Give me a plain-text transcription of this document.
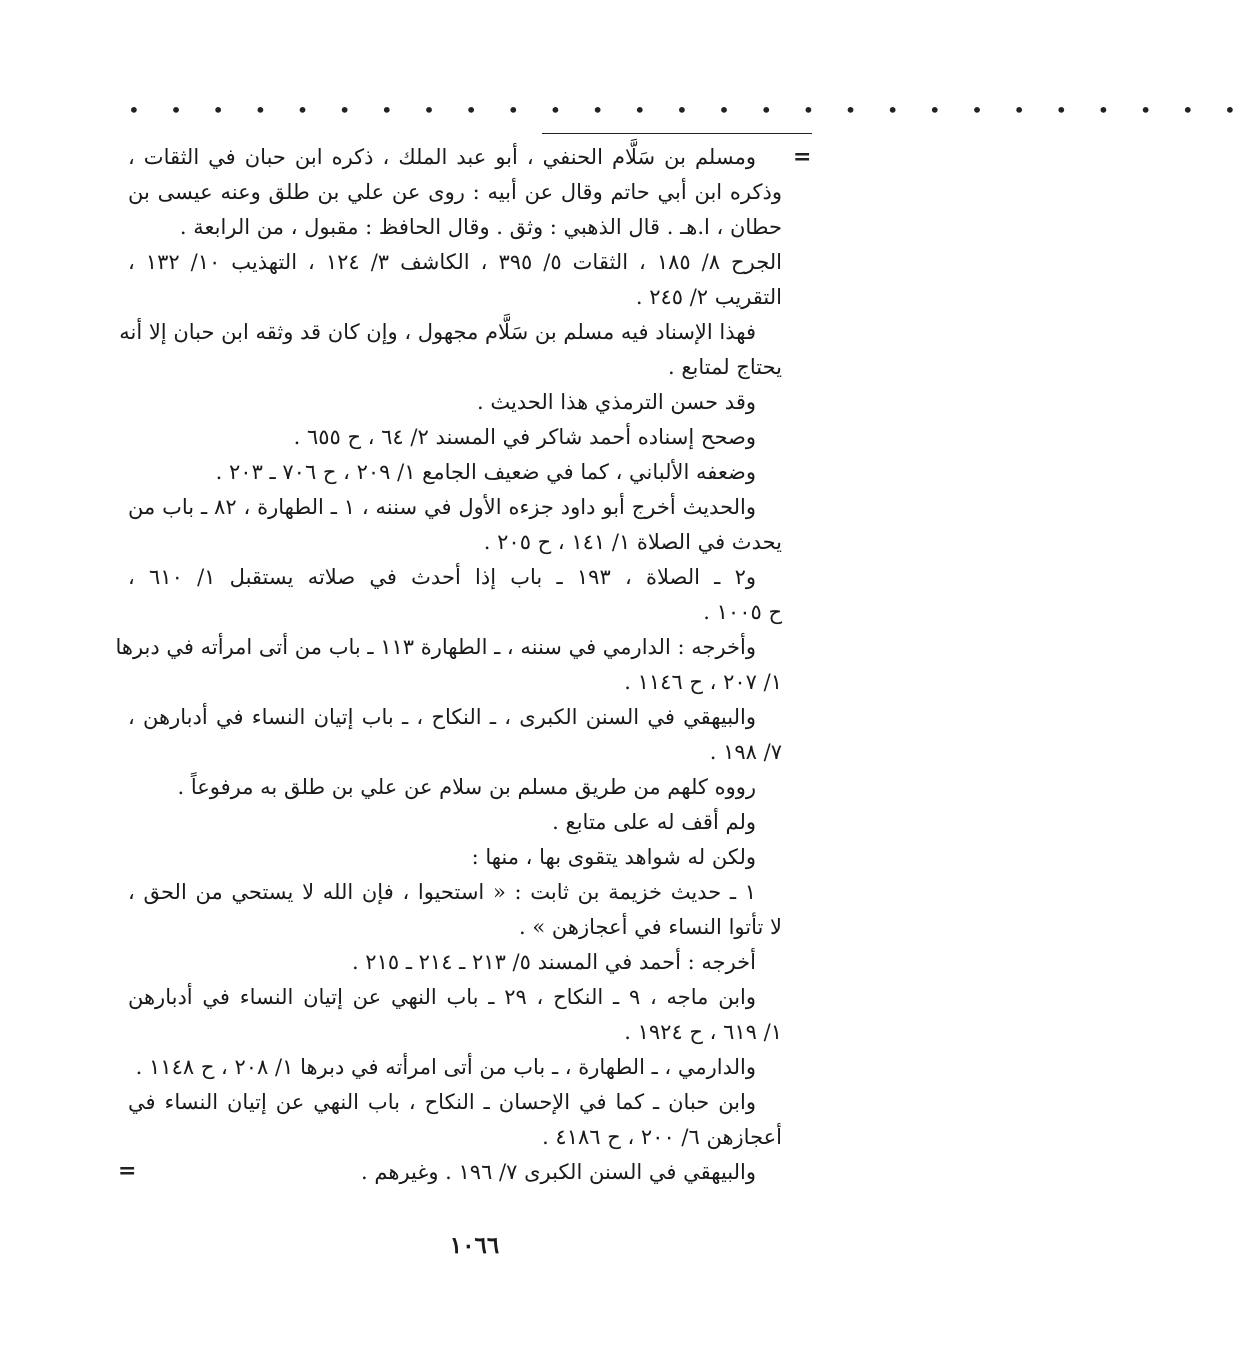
• • • • • • • • • • • • • • • • • • • • • • • • • • •
=
ومسلم بن سَلَّام الحنفي ، أبو عبد الملك ، ذكره ابن حبان في الثقات ،
وذكره ابن أبي حاتم وقال عن أبيه : روى عن علي بن طلق وعنه عيسى بن
حطان ، ا.هـ . قال الذهبي : وثق . وقال الحافظ : مقبول ، من الرابعة .
الجرح ٨/ ١٨٥ ، الثقات ٥/ ٣٩٥ ، الكاشف ٣/ ١٢٤ ، التهذيب ١٠/ ١٣٢ ،
التقريب ٢/ ٢٤٥ .
فهذا الإسناد فيه مسلم بن سَلَّام مجهول ، وإن كان قد وثقه ابن حبان إلا أنه
يحتاج لمتابع .
وقد حسن الترمذي هذا الحديث .
وصحح إسناده أحمد شاكر في المسند ٢/ ٦٤ ، ح ٦٥٥ .
وضعفه الألباني ، كما في ضعيف الجامع ١/ ٢٠٩ ، ح ٧٠٦ ـ ٢٠٣ .
والحديث أخرج أبو داود جزءه الأول في سننه ، ١ ـ الطهارة ، ٨٢ ـ باب من
يحدث في الصلاة ١/ ١٤١ ، ح ٢٠٥ .
و٢ ـ الصلاة ، ١٩٣ ـ باب إذا أحدث في صلاته يستقبل ١/ ٦١٠ ،
ح ١٠٠٥ .
وأخرجه : الدارمي في سننه ، ـ الطهارة ١١٣ ـ باب من أتى امرأته في دبرها
١/ ٢٠٧ ، ح ١١٤٦ .
والبيهقي في السنن الكبرى ، ـ النكاح ، ـ باب إتيان النساء في أدبارهن ،
٧/ ١٩٨ .
رووه كلهم من طريق مسلم بن سلام عن علي بن طلق به مرفوعاً .
ولم أقف له على متابع .
ولكن له شواهد يتقوى بها ، منها :
١ ـ حديث خزيمة بن ثابت : « استحيوا ، فإن الله لا يستحي من الحق ،
لا تأتوا النساء في أعجازهن » .
أخرجه : أحمد في المسند ٥/ ٢١٣ ـ ٢١٤ ـ ٢١٥ .
وابن ماجه ، ٩ ـ النكاح ، ٢٩ ـ باب النهي عن إتيان النساء في أدبارهن
١/ ٦١٩ ، ح ١٩٢٤ .
والدارمي ، ـ الطهارة ، ـ باب من أتى امرأته في دبرها ١/ ٢٠٨ ، ح ١١٤٨ .
وابن حبان ـ كما في الإحسان ـ النكاح ، باب النهي عن إتيان النساء في
أعجازهن ٦/ ٢٠٠ ، ح ٤١٨٦ .
والبيهقي في السنن الكبرى ٧/ ١٩٦ . وغيرهم .
=
١٠٦٦
